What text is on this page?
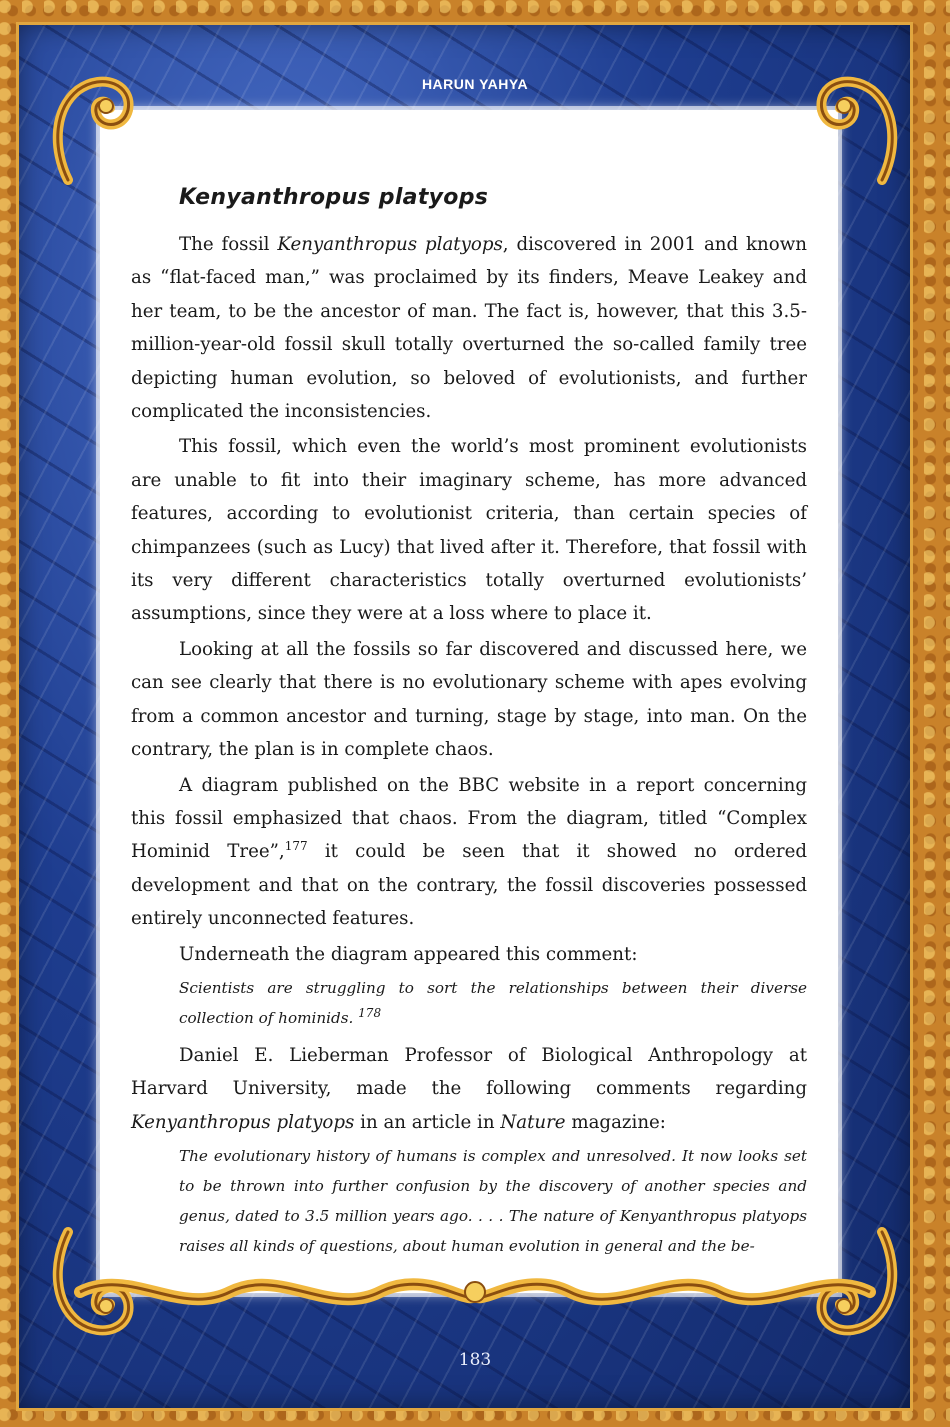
HARUN YAHYA
Kenyanthropus platyops

The fossil Kenyanthropus platyops, discovered in 2001 and known as “flat-faced man,” was proclaimed by its finders, Meave Leakey and her team, to be the ancestor of man. The fact is, however, that this 3.5-million-year-old fossil skull totally overturned the so-called family tree depicting human evolution, so beloved of evolutionists, and further complicated the inconsistencies.

This fossil, which even the world’s most prominent evolutionists are unable to fit into their imaginary scheme, has more advanced features, according to evolutionist criteria, than certain species of chimpanzees (such as Lucy) that lived after it. Therefore, that fossil with its very different characteristics totally overturned evolutionists’ assumptions, since they were at a loss where to place it.

Looking at all the fossils so far discovered and discussed here, we can see clearly that there is no evolutionary scheme with apes evolving from a common ancestor and turning, stage by stage, into man. On the contrary, the plan is in complete chaos.

A diagram published on the BBC website in a report concerning this fossil emphasized that chaos. From the diagram, titled “Complex Hominid Tree”,$^{177}$ it could be seen that it showed no ordered development and that on the contrary, the fossil discoveries possessed entirely unconnected features.

Underneath the diagram appeared this comment:

Scientists are struggling to sort the relationships between their diverse collection of hominids. $^{178}$

Daniel E. Lieberman Professor of Biological Anthropology at Harvard University, made the following comments regarding Kenyanthropus platyops in an article in Nature magazine:

The evolutionary history of humans is complex and unresolved. It now looks set to be thrown into further confusion by the discovery of another species and genus, dated to 3.5 million years ago. . . . The nature of Kenyanthropus platyops raises all kinds of questions, about human evolution in general and the be-

183
